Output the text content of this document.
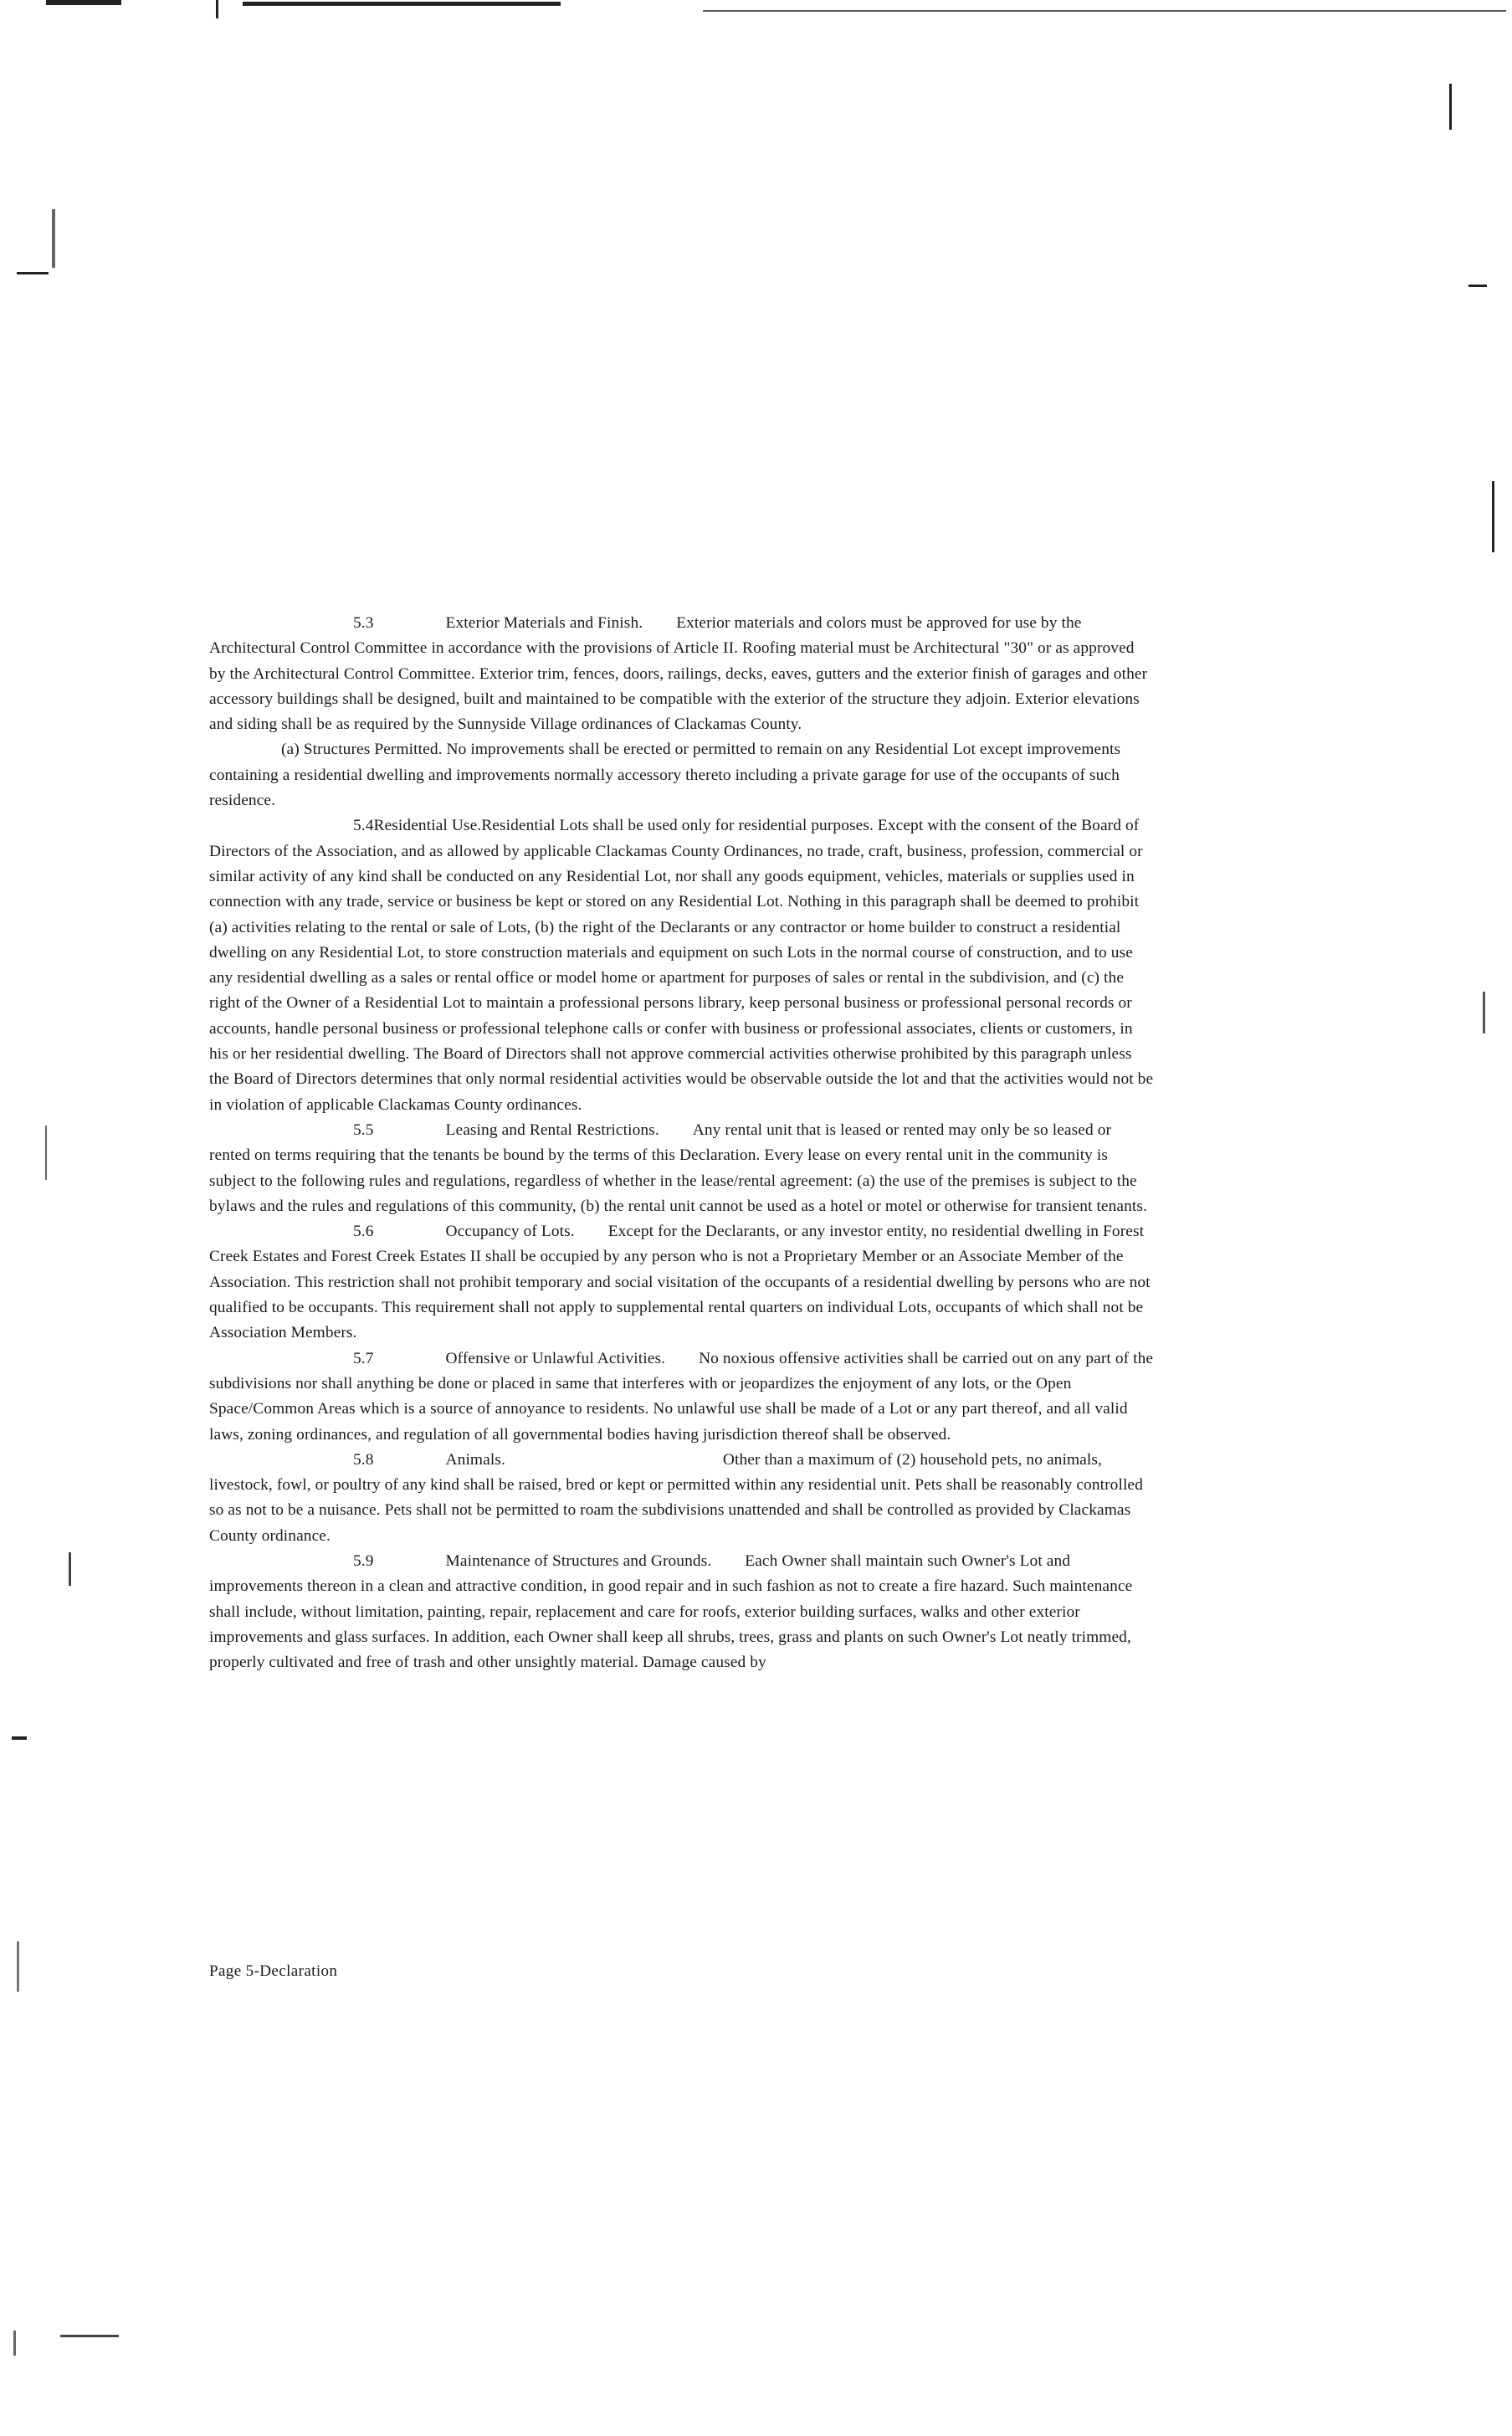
5.3	Exterior Materials and Finish. Exterior materials and colors must be approved for use by the Architectural Control Committee in accordance with the provisions of Article II. Roofing material must be Architectural "30" or as approved by the Architectural Control Committee. Exterior trim, fences, doors, railings, decks, eaves, gutters and the exterior finish of garages and other accessory buildings shall be designed, built and maintained to be compatible with the exterior of the structure they adjoin. Exterior elevations and siding shall be as required by the Sunnyside Village ordinances of Clackamas County.

(a) Structures Permitted. No improvements shall be erected or permitted to remain on any Residential Lot except improvements containing a residential dwelling and improvements normally accessory thereto including a private garage for use of the occupants of such residence.

5.4Residential Use.Residential Lots shall be used only for residential purposes. Except with the consent of the Board of Directors of the Association, and as allowed by applicable Clackamas County Ordinances, no trade, craft, business, profession, commercial or similar activity of any kind shall be conducted on any Residential Lot, nor shall any goods equipment, vehicles, materials or supplies used in connection with any trade, service or business be kept or stored on any Residential Lot. Nothing in this paragraph shall be deemed to prohibit (a) activities relating to the rental or sale of Lots, (b) the right of the Declarants or any contractor or home builder to construct a residential dwelling on any Residential Lot, to store construction materials and equipment on such Lots in the normal course of construction, and to use any residential dwelling as a sales or rental office or model home or apartment for purposes of sales or rental in the subdivision, and (c) the right of the Owner of a Residential Lot to maintain a professional persons library, keep personal business or professional personal records or accounts, handle personal business or professional telephone calls or confer with business or professional associates, clients or customers, in his or her residential dwelling. The Board of Directors shall not approve commercial activities otherwise prohibited by this paragraph unless the Board of Directors determines that only normal residential activities would be observable outside the lot and that the activities would not be in violation of applicable Clackamas County ordinances.

5.5	Leasing and Rental Restrictions. Any rental unit that is leased or rented may only be so leased or rented on terms requiring that the tenants be bound by the terms of this Declaration. Every lease on every rental unit in the community is subject to the following rules and regulations, regardless of whether in the lease/rental agreement: (a) the use of the premises is subject to the bylaws and the rules and regulations of this community, (b) the rental unit cannot be used as a hotel or motel or otherwise for transient tenants.

5.6	Occupancy of Lots. Except for the Declarants, or any investor entity, no residential dwelling in Forest Creek Estates and Forest Creek Estates II shall be occupied by any person who is not a Proprietary Member or an Associate Member of the Association. This restriction shall not prohibit temporary and social visitation of the occupants of a residential dwelling by persons who are not qualified to be occupants. This requirement shall not apply to supplemental rental quarters on individual Lots, occupants of which shall not be Association Members.

5.7	Offensive or Unlawful Activities. No noxious offensive activities shall be carried out on any part of the subdivisions nor shall anything be done or placed in same that interferes with or jeopardizes the enjoyment of any lots, or the Open Space/Common Areas which is a source of annoyance to residents. No unlawful use shall be made of a Lot or any part thereof, and all valid laws, zoning ordinances, and regulation of all governmental bodies having jurisdiction thereof shall be observed.

5.8	Animals.	Other than a maximum of (2) household pets, no animals, livestock, fowl, or poultry of any kind shall be raised, bred or kept or permitted within any residential unit. Pets shall be reasonably controlled so as not to be a nuisance. Pets shall not be permitted to roam the subdivisions unattended and shall be controlled as provided by Clackamas County ordinance.

5.9	Maintenance of Structures and Grounds. Each Owner shall maintain such Owner's Lot and improvements thereon in a clean and attractive condition, in good repair and in such fashion as not to create a fire hazard. Such maintenance shall include, without limitation, painting, repair, replacement and care for roofs, exterior building surfaces, walks and other exterior improvements and glass surfaces. In addition, each Owner shall keep all shrubs, trees, grass and plants on such Owner's Lot neatly trimmed, properly cultivated and free of trash and other unsightly material. Damage caused by

Page 5-Declaration
